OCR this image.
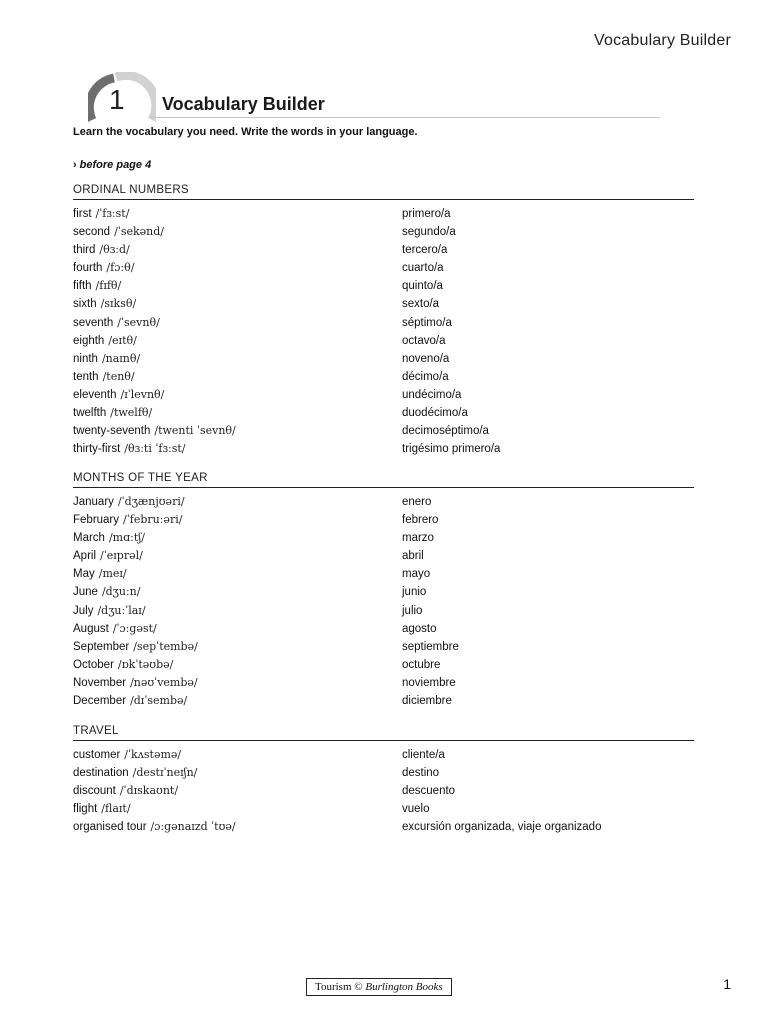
Vocabulary Builder
1 Vocabulary Builder
Learn the vocabulary you need. Write the words in your language.
› before page 4
ORDINAL NUMBERS
first /ˈfɜːst/	primero/a
second /ˈsekənd/	segundo/a
third /θɜːd/	tercero/a
fourth /fɔːθ/	cuarto/a
fifth /fɪfθ/	quinto/a
sixth /sɪksθ/	sexto/a
seventh /ˈsevnθ/	séptimo/a
eighth /eɪtθ/	octavo/a
ninth /naɪnθ/	noveno/a
tenth /tenθ/	décimo/a
eleventh /ɪˈlevnθ/	undécimo/a
twelfth /twelfθ/	duodécimo/a
twenty-seventh /twenti ˈsevnθ/	decimoséptimo/a
thirty-first /θɜːti ˈfɜːst/	trigésimo primero/a
MONTHS OF THE YEAR
January /ˈdʒænjʊəri/	enero
February /ˈfebruːəri/	febrero
March /mɑːtʃ/	marzo
April /ˈeɪprəl/	abril
May /meɪ/	mayo
June /dʒuːn/	junio
July /dʒuːˈlaɪ/	julio
August /ˈɔːgəst/	agosto
September /sepˈtembə/	septiembre
October /ɒkˈtəʊbə/	octubre
November /nəʊˈvembə/	noviembre
December /dɪˈsembə/	diciembre
TRAVEL
customer /ˈkʌstəmə/	cliente/a
destination /destɪˈneɪʃn/	destino
discount /ˈdɪskaʊnt/	descuento
flight /flaɪt/	vuelo
organised tour /ɔːgənaɪzd ˈtʊə/	excursión organizada, viaje organizado
Tourism © Burlington Books	1
